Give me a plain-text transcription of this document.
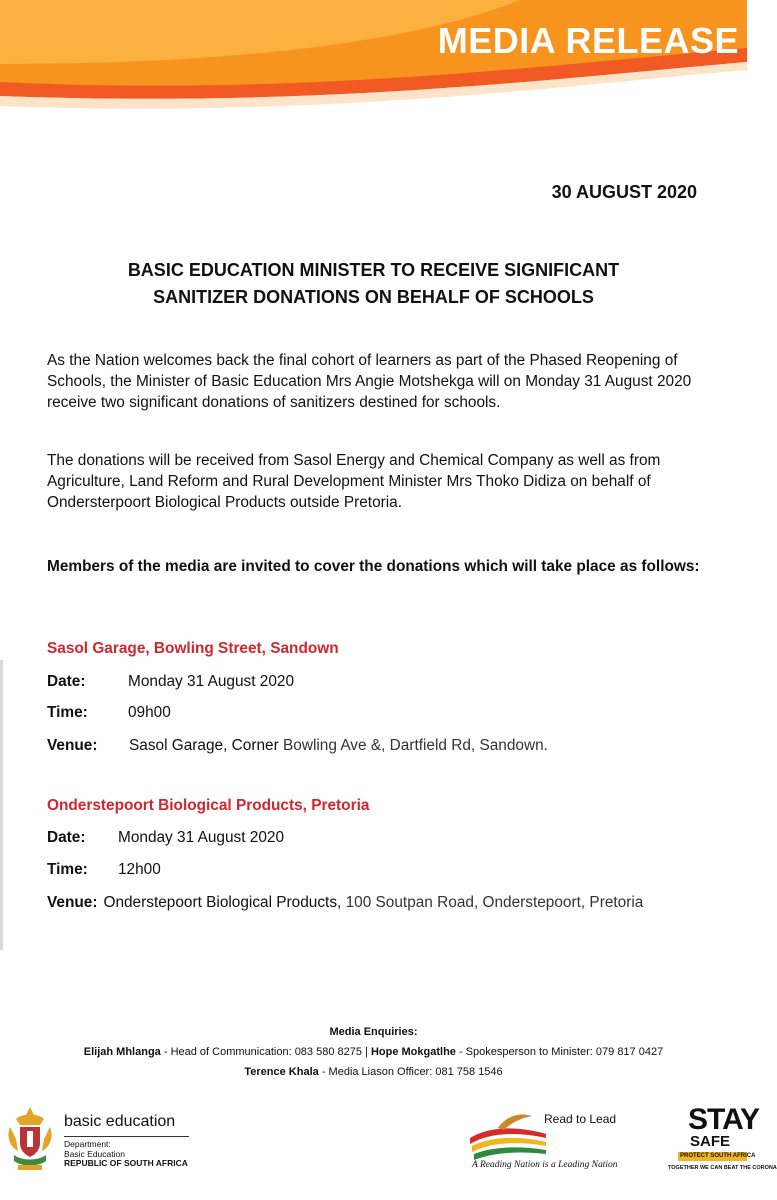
MEDIA RELEASE

30 AUGUST 2020

BASIC EDUCATION MINISTER TO RECEIVE SIGNIFICANT
SANITIZER DONATIONS ON BEHALF OF SCHOOLS

As the Nation welcomes back the final cohort of learners as part of the Phased Reopening of Schools, the Minister of Basic Education Mrs Angie Motshekga will on Monday 31 August 2020 receive two significant donations of sanitizers destined for schools.

The donations will be received from Sasol Energy and Chemical Company as well as from Agriculture, Land Reform and Rural Development Minister Mrs Thoko Didiza on behalf of Ondersterpoort Biological Products outside Pretoria.

Members of the media are invited to cover the donations which will take place as follows:

Sasol Garage, Bowling Street, Sandown

Date:	Monday 31 August 2020

Time:	09h00

Venue: Sasol Garage, Corner Bowling Ave &, Dartfield Rd, Sandown.

Onderstepoort Biological Products, Pretoria

Date: Monday 31 August 2020

Time: 12h00

Venue: Onderstepoort Biological Products, 100 Soutpan Road, Onderstepoort, Pretoria

Media Enquiries:
Elijah Mhlanga - Head of Communication: 083 580 8275 | Hope Mokgatlhe - Spokesperson to Minister: 079 817 0427
Terence Khala - Media Liason Officer: 081 758 1546
basic education
Department:
Basic Education
REPUBLIC OF SOUTH AFRICA
Read to Lead
A Reading Nation is a Leading Nation
STAY
SAFE
PROTECT SOUTH AFRICA
TOGETHER WE CAN BEAT THE CORONA
